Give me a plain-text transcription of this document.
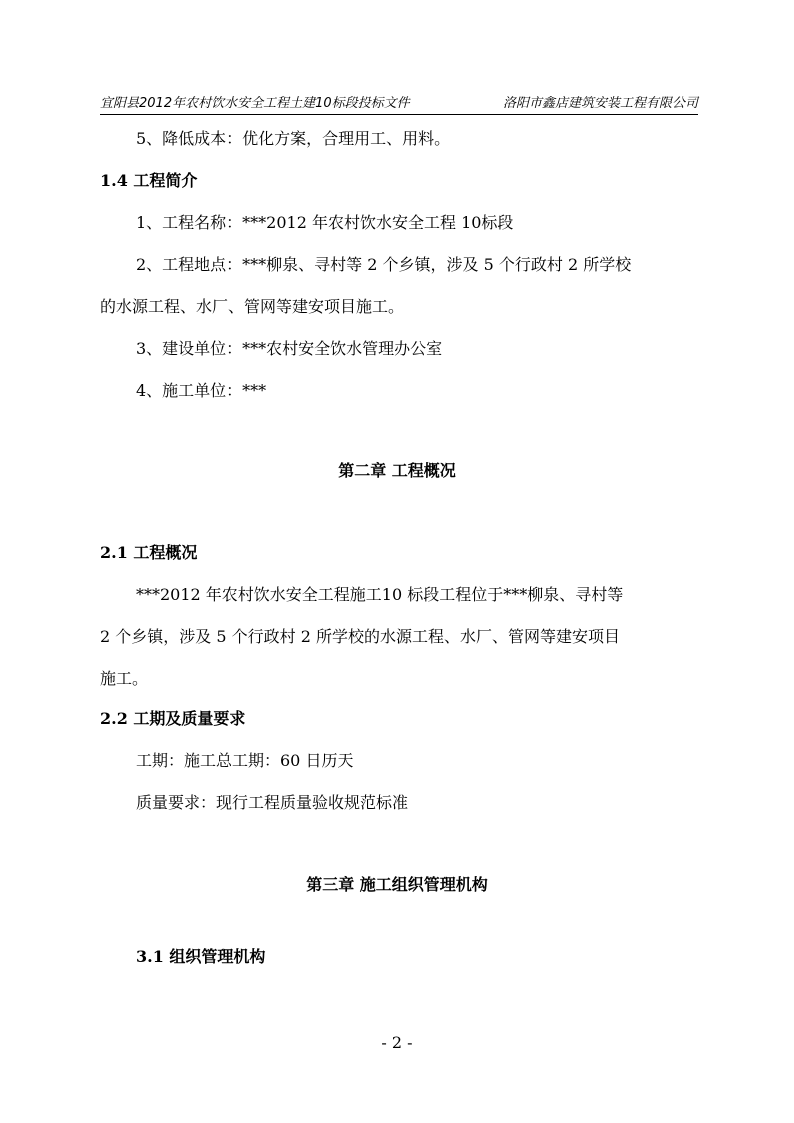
宜阳县2012年农村饮水安全工程土建10标段投标文件	洛阳市鑫店建筑安装工程有限公司
5、降低成本：优化方案，合理用工、用料。
1.4 工程简介
1、工程名称：***2012 年农村饮水安全工程 10标段
2、工程地点：***柳泉、寻村等 2 个乡镇，涉及 5 个行政村 2 所学校
的水源工程、水厂、管网等建安项目施工。
3、建设单位：***农村安全饮水管理办公室
4、施工单位：***
第二章 工程概况
2.1 工程概况
***2012 年农村饮水安全工程施工10 标段工程位于***柳泉、寻村等
2 个乡镇，涉及 5 个行政村 2 所学校的水源工程、水厂、管网等建安项目
施工。
2.2 工期及质量要求
工期：施工总工期：60 日历天
质量要求：现行工程质量验收规范标准
第三章 施工组织管理机构
3.1 组织管理机构
- 2 -
